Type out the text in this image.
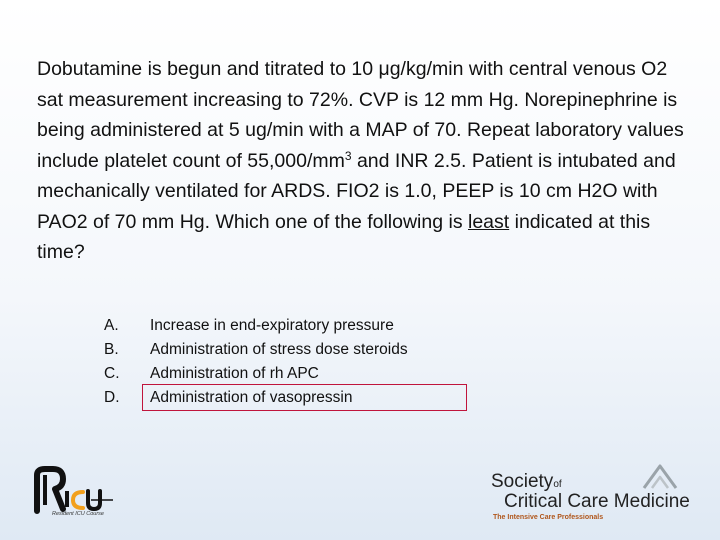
Dobutamine is begun and titrated to 10 μg/kg/min with central venous O2 sat measurement increasing to 72%. CVP is 12 mm Hg. Norepinephrine is being administered at 5 ug/min with a MAP of 70. Repeat laboratory values include platelet count of $55,000/mm^3$ and INR 2.5. Patient is intubated and mechanically ventilated for ARDS. FIO2 is 1.0, PEEP is 10 cm H2O with PAO2 of 70 mm Hg. Which one of the following is least indicated at this time?

A.	Increase in end-expiratory pressure
B.	Administration of stress dose steroids
C.	Administration of rh APC
D.	Administration of vasopressin
Resident ICU Course
Societyof
Critical Care Medicine
The Intensive Care Professionals
